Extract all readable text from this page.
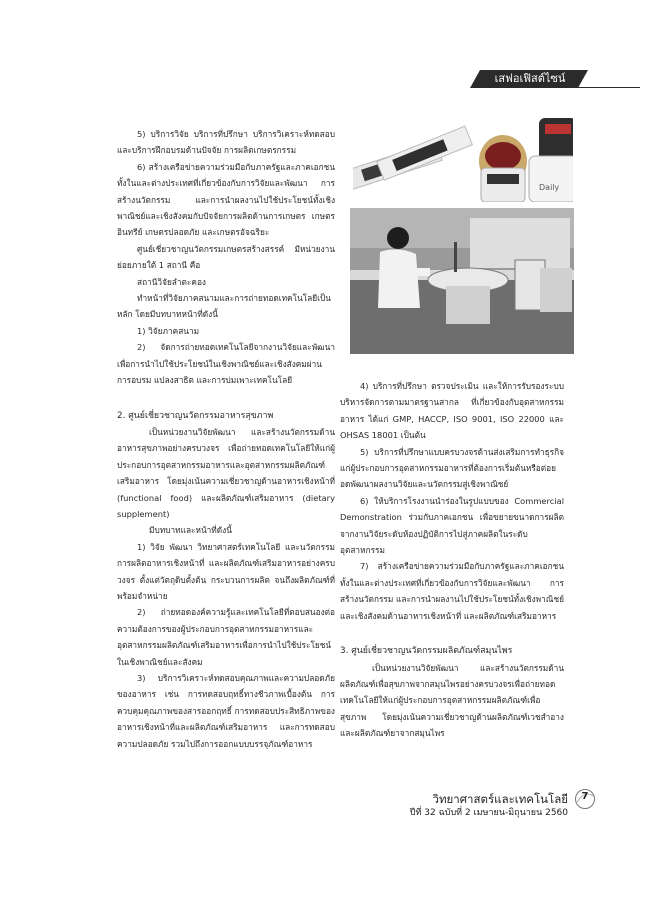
เสฟอเฟิสต์ไซน์

5) บริการวิจัย บริการที่ปรึกษา บริการวิเคราะห์ทดสอบและบริการฝึกอบรมด้านปัจจัย การผลิตเกษตรกรรม

6) สร้างเครือข่ายความร่วมมือกับภาครัฐและภาคเอกชนทั้งในและต่างประเทศที่เกี่ยวข้องกับการวิจัยและพัฒนา การสร้างนวัตกรรม และการนำผลงานไปใช้ประโยชน์ทั้งเชิงพาณิชย์และเชิงสังคมกับปัจจัยการผลิตด้านการเกษตร เกษตรอินทรีย์ เกษตรปลอดภัย และเกษตรอัจฉริยะ

ศูนย์เชี่ยวชาญนวัตกรรมเกษตรสร้างสรรค์ มีหน่วยงานย่อยภายใต้ 1 สถานี คือ

สถานีวิจัยลำตะคอง

ทำหน้าที่วิจัยภาคสนามและการถ่ายทอดเทคโนโลยีเป็นหลัก โดยมีบทบาทหน้าที่ดังนี้

1) วิจัยภาคสนาม

2) จัดการถ่ายทอดเทคโนโลยีจากงานวิจัยและพัฒนาเพื่อการนำไปใช้ประโยชน์ในเชิงพาณิชย์และเชิงสังคมผ่านการอบรม แปลงสาธิต และการบ่มเพาะเทคโนโลยี

2. ศูนย์เชี่ยวชาญนวัตกรรมอาหารสุขภาพ

เป็นหน่วยงานวิจัยพัฒนา และสร้างนวัตกรรมด้านอาหารสุขภาพอย่างครบวงจร เพื่อถ่ายทอดเทคโนโลยีให้แก่ผู้ประกอบการอุตสาหกรรมอาหารและอุตสาหกรรมผลิตภัณฑ์เสริมอาหาร โดยมุ่งเน้นความเชี่ยวชาญด้านอาหารเชิงหน้าที่ (functional food) และผลิตภัณฑ์เสริมอาหาร (dietary supplement)

มีบทบาทและหน้าที่ดังนี้

1) วิจัย พัฒนา วิทยาศาสตร์เทคโนโลยี และนวัตกรรมการผลิตอาหารเชิงหน้าที่ และผลิตภัณฑ์เสริมอาหารอย่างครบวงจร ตั้งแต่วัตถุดิบตั้งต้น กระบวนการผลิต จนถึงผลิตภัณฑ์ที่พร้อมจำหน่าย

2) ถ่ายทอดองค์ความรู้และเทคโนโลยีที่ตอบสนองต่อความต้องการของผู้ประกอบการอุตสาหกรรมอาหารและอุตสาหกรรมผลิตภัณฑ์เสริมอาหารเพื่อการนำไปใช้ประโยชน์ในเชิงพาณิชย์และสังคม

3) บริการวิเคราะห์ทดสอบคุณภาพและความปลอดภัยของอาหาร เช่น การทดสอบฤทธิ์ทางชีวภาพเบื้องต้น การควบคุมคุณภาพของสารออกฤทธิ์ การทดสอบประสิทธิภาพของอาหารเชิงหน้าที่และผลิตภัณฑ์เสริมอาหาร และการทดสอบความปลอดภัย รวมไปถึงการออกแบบบรรจุภัณฑ์อาหาร

4) บริการที่ปรึกษา ตรวจประเมิน และให้การรับรองระบบบริหารจัดการตามมาตรฐานสากล ที่เกี่ยวข้องกับอุตสาหกรรมอาหาร ได้แก่ GMP, HACCP, ISO 9001, ISO 22000 และ OHSAS 18001 เป็นต้น

5) บริการที่ปรึกษาแบบครบวงจรด้านส่งเสริมการทำธุรกิจ แก่ผู้ประกอบการอุตสาหกรรมอาหารที่ต้องการเริ่มต้นหรือต่อยอดพัฒนาผลงานวิจัยและนวัตกรรมสู่เชิงพาณิชย์

6) ให้บริการโรงงานนำร่องในรูปแบบของ Commercial Demonstration ร่วมกับภาคเอกชน เพื่อขยายขนาดการผลิตจากงานวิจัยระดับห้องปฏิบัติการไปสู่ภาคผลิตในระดับอุตสาหกรรม

7) สร้างเครือข่ายความร่วมมือกับภาครัฐและภาคเอกชนทั้งในและต่างประเทศที่เกี่ยวข้องกับการวิจัยและพัฒนา การสร้างนวัตกรรม และการนำผลงานไปใช้ประโยชน์ทั้งเชิงพาณิชย์และเชิงสังคมด้านอาหารเชิงหน้าที่ และผลิตภัณฑ์เสริมอาหาร

3. ศูนย์เชี่ยวชาญนวัตกรรมผลิตภัณฑ์สมุนไพร

เป็นหน่วยงานวิจัยพัฒนา และสร้างนวัตกรรมด้านผลิตภัณฑ์เพื่อสุขภาพจากสมุนไพรอย่างครบวงจรเพื่อถ่ายทอดเทคโนโลยีให้แก่ผู้ประกอบการอุตสาหกรรมผลิตภัณฑ์เพื่อสุขภาพ โดยมุ่งเน้นความเชี่ยวชาญด้านผลิตภัณฑ์เวชสำอางและผลิตภัณฑ์ยาจากสมุนไพร

Daily
วิทยาศาสตร์และเทคโนโลยี
ปีที่ 32 ฉบับที่ 2 เมษายน-มิถุนายน 2560
7
